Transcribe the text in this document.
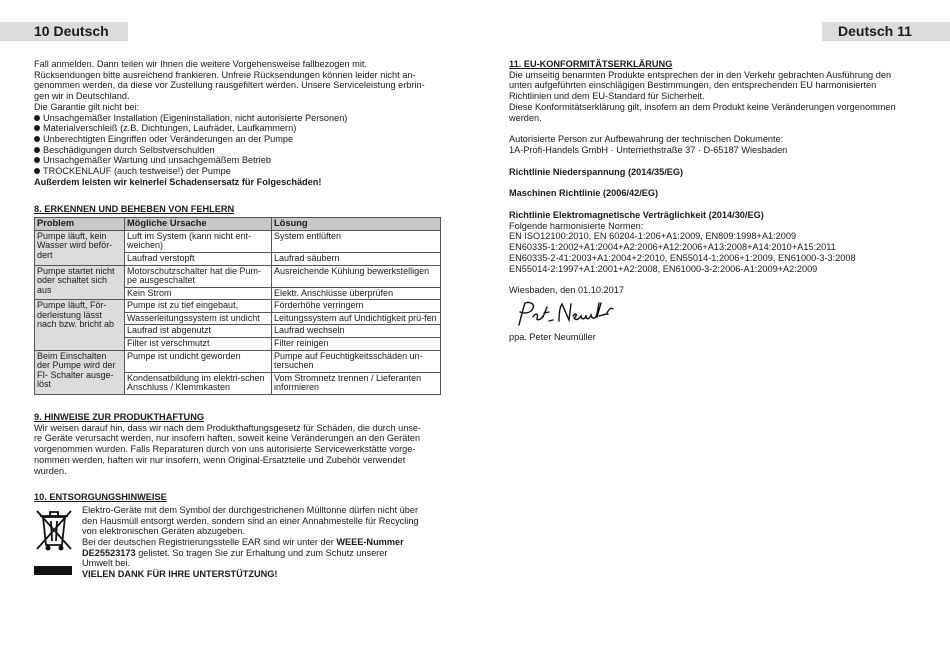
10 Deutsch	Deutsch 11

Fall anmelden. Dann teilen wir Ihnen die weitere Vorgehensweise fallbezogen mit.

Rücksendungen bitte ausreichend frankieren. Unfreie Rücksendungen können leider nicht an-

genommen werden, da diese vor Zustellung rausgefiltert werden. Unsere Serviceleistung erbrin-

gen wir in Deutschland.

Die Garantie gilt nicht bei:

Unsachgemäßer Installation (Eigeninstallation, nicht autorisierte Personen)

Materialverschleiß (z.B. Dichtungen, Laufräder, Laufkammern)

Unberechtigten Eingriffen oder Veränderungen an der Pumpe

Beschädigungen durch Selbstverschulden

Unsachgemäßer Wartung und unsachgemäßem Betrieb

TROCKENLAUF (auch testweise!) der Pumpe

Außerdem leisten wir keinerlei Schadensersatz für Folgeschäden!

8. ERKENNEN UND BEHEBEN VON FEHLERN

Problem	Mögliche Ursache	Lösung
Pumpe läuft, kein Wasser wird beför-dert	Luft im System (kann nicht ent-weichen)	System entlüften
	Laufrad verstopft	Laufrad säubern
Pumpe startet nicht oder schaltet sich aus	Motorschutzschalter hat die Pum-pe ausgeschaltet	Ausreichende Kühlung bewerkstelligen
	Kein Strom	Elektr. Anschlüsse überprüfen
Pumpe läuft, För-derleistung lässt nach bzw. bricht ab	Pumpe ist zu tief eingebaut,	Förderhöhe verringern
	Wasserleitungssystem ist undicht	Leitungssystem auf Undichtigkeit prü-fen
	Laufrad ist abgenutzt	Laufrad wechseln
	Filter ist verschmutzt	Filter reinigen
Beim Einschalten der Pumpe wird der FI- Schalter ausge-löst	Pumpe ist undicht geworden	Pumpe auf Feuchtigkeitsschäden un-tersuchen
	Kondensatbildung im elektri-schen Anschluss / Klemmkasten	Vom Stromnetz trennen / Lieferanten informieren

9. HINWEISE ZUR PRODUKTHAFTUNG

Wir weisen darauf hin, dass wir nach dem Produkthaftungsgesetz für Schäden, die durch unse-

re Geräte verursacht werden, nur insofern haften, soweit keine Veränderungen an den Geräten

vorgenommen wurden. Falls Reparaturen durch von uns autorisierte Servicewerkstätte vorge-

nommen werden, haften wir nur insofern, wenn Original-Ersatzteile und Zubehör verwendet

wurden.

10. ENTSORGUNGSHINWEISE

Elektro-Geräte mit dem Symbol der durchgestrichenen Mülltonne dürfen nicht über

den Hausmüll entsorgt werden, sondern sind an einer Annahmestelle für Recycling

von elektronischen Geräten abzugeben.

Bei der deutschen Registrierungsstelle EAR sind wir unter der WEEE-Nummer

DE25523173 gelistet. So tragen Sie zur Erhaltung und zum Schutz unserer

Umwelt bei.

VIELEN DANK FÜR IHRE UNTERSTÜTZUNG!

11. EU-KONFORMITÄTSERKLÄRUNG

Die umseitig benannten Produkte entsprechen der in den Verkehr gebrachten Ausführung den

unten aufgeführten einschlägigen Bestimmungen, den entsprechenden EU harmonisierten

Richtlinien und dem EU-Standard für Sicherheit.

Diese Konformitätserklärung gilt, insofern an dem Produkt keine Veränderungen vorgenommen

werden.

Autorisierte Person zur Aufbewahrung der technischen Dokumente:

1A-Profi-Handels GmbH · Unterriethstraße 37 · D-65187 Wiesbaden

Richtlinie Niederspannung (2014/35/EG)

Maschinen Richtlinie (2006/42/EG)

Richtlinie Elektromagnetische Verträglichkeit (2014/30/EG)

Folgende harmonisierte Normen:

EN ISO12100:2010, EN 60204-1:206+A1:2009, EN809:1998+A1:2009

EN60335-1:2002+A1:2004+A2:2006+A12:2006+A13:2008+A14:2010+A15:2011

EN60335-2-41:2003+A1:2004+2:2010, EN55014-1:2006+1:2009, EN61000-3-3:2008

EN55014-2:1997+A1:2001+A2:2008, EN61000-3-2:2006-A1:2009+A2:2009

Wiesbaden, den 01.10.2017

ppa. Peter Neumüller
